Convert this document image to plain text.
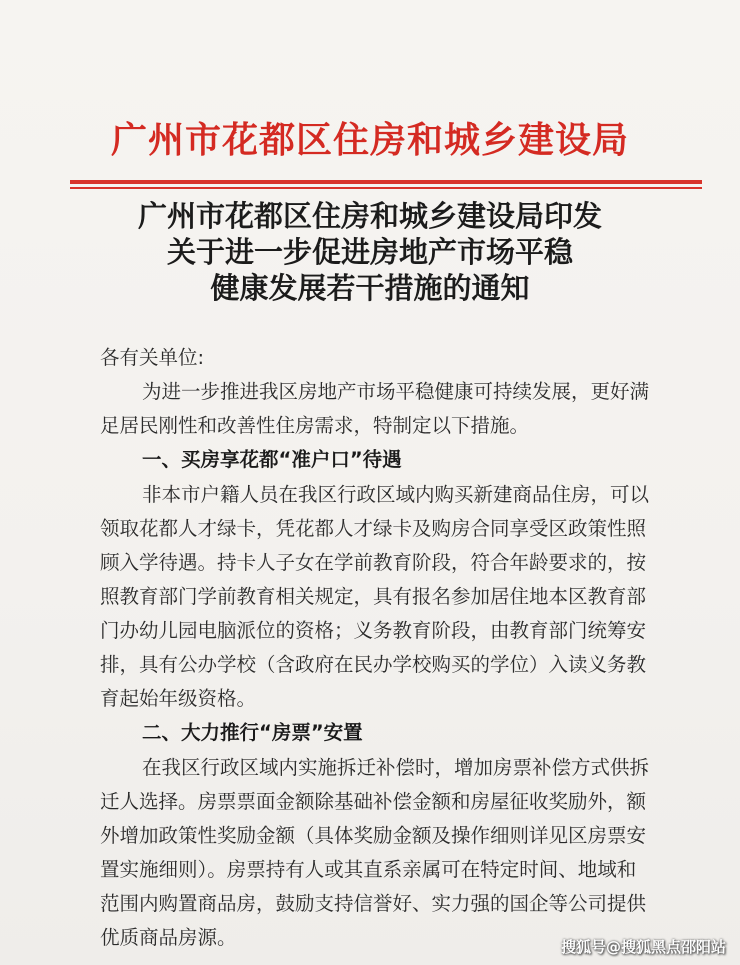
广州市花都区住房和城乡建设局
广州市花都区住房和城乡建设局印发
关于进一步促进房地产市场平稳
健康发展若干措施的通知
各有关单位:
为进一步推进我区房地产市场平稳健康可持续发展，更好满
足居民刚性和改善性住房需求，特制定以下措施。
一、买房享花都“准户口”待遇
非本市户籍人员在我区行政区域内购买新建商品住房，可以
领取花都人才绿卡，凭花都人才绿卡及购房合同享受区政策性照
顾入学待遇。持卡人子女在学前教育阶段，符合年龄要求的，按
照教育部门学前教育相关规定，具有报名参加居住地本区教育部
门办幼儿园电脑派位的资格；义务教育阶段，由教育部门统筹安
排，具有公办学校（含政府在民办学校购买的学位）入读义务教
育起始年级资格。
二、大力推行“房票”安置
在我区行政区域内实施拆迁补偿时，增加房票补偿方式供拆
迁人选择。房票票面金额除基础补偿金额和房屋征收奖励外，额
外增加政策性奖励金额（具体奖励金额及操作细则详见区房票安
置实施细则）。房票持有人或其直系亲属可在特定时间、地域和
范围内购置商品房，鼓励支持信誉好、实力强的国企等公司提供
优质商品房源。	搜狐号@搜狐黑点邵阳站
